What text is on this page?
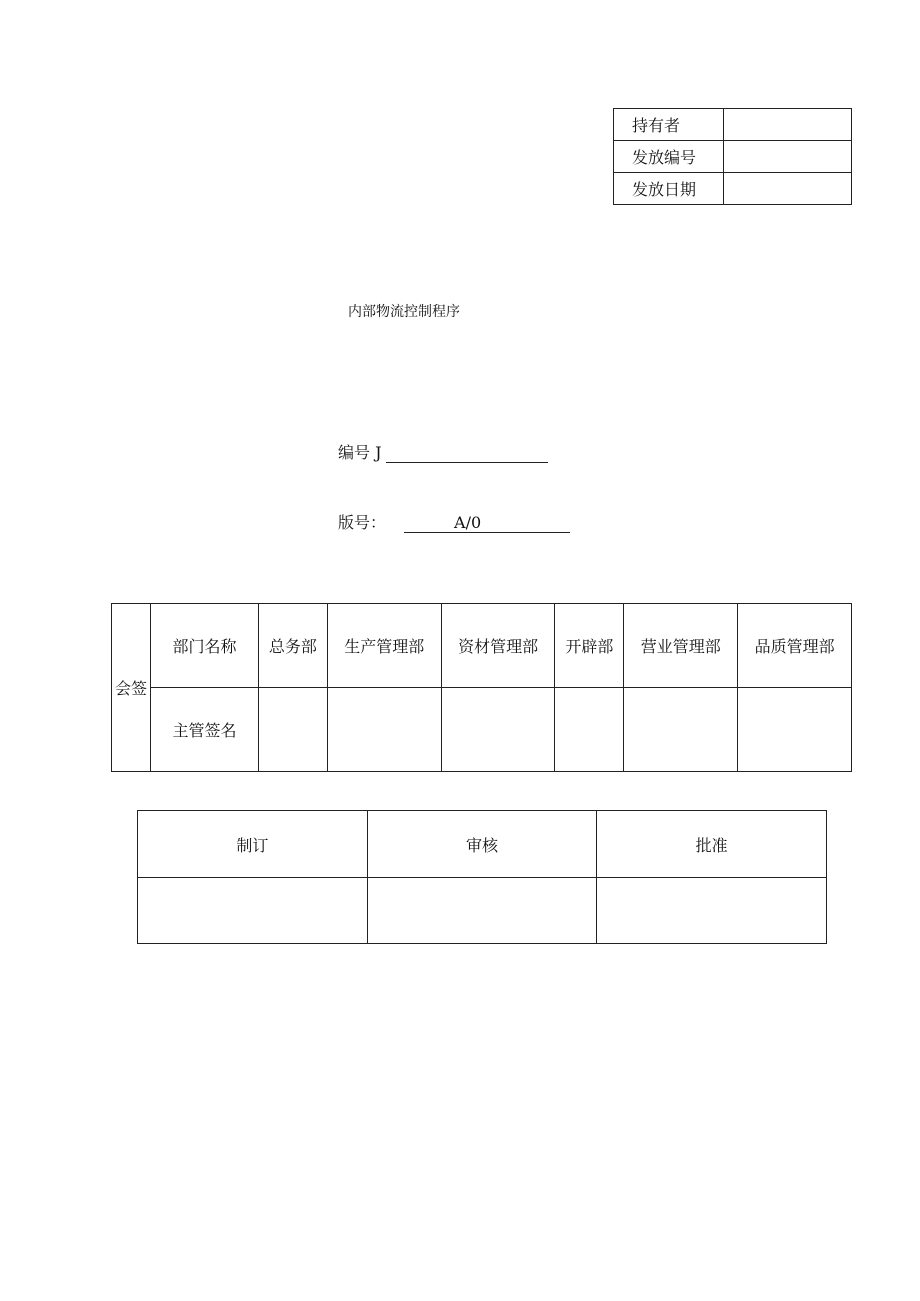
持有者	
发放编号	
发放日期	
内部物流控制程序
编号 J
版号：	A/0
会签	部门名称	总务部	生产管理部	资材管理部	开辟部	营业管理部	品质管理部
	主管签名						
制订	审核	批准
